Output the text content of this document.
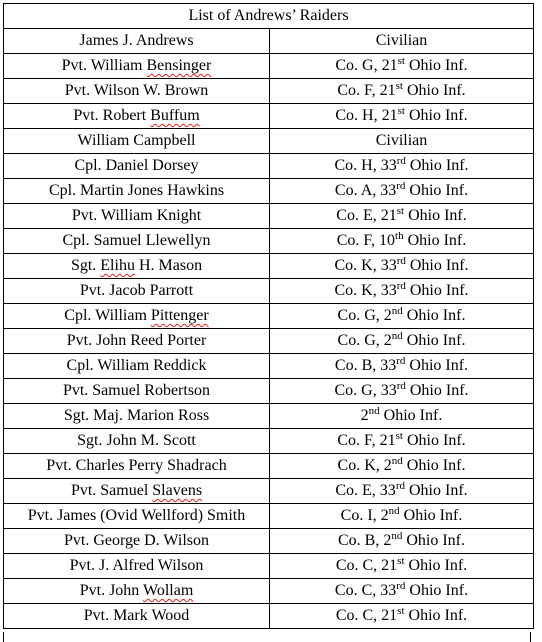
List of Andrews’ Raiders	
James J. Andrews	Civilian
Pvt. William Bensinger	Co. G, 21st Ohio Inf.
Pvt. Wilson W. Brown	Co. F, 21st Ohio Inf.
Pvt. Robert Buffum	Co. H, 21st Ohio Inf.
William Campbell	Civilian
Cpl. Daniel Dorsey	Co. H, 33rd Ohio Inf.
Cpl. Martin Jones Hawkins	Co. A, 33rd Ohio Inf.
Pvt. William Knight	Co. E, 21st Ohio Inf.
Cpl. Samuel Llewellyn	Co. F, 10th Ohio Inf.
Sgt. Elihu H. Mason	Co. K, 33rd Ohio Inf.
Pvt. Jacob Parrott	Co. K, 33rd Ohio Inf.
Cpl. William Pittenger	Co. G, 2nd Ohio Inf.
Pvt. John Reed Porter	Co. G, 2nd Ohio Inf.
Cpl. William Reddick	Co. B, 33rd Ohio Inf.
Pvt. Samuel Robertson	Co. G, 33rd Ohio Inf.
Sgt. Maj. Marion Ross	2nd Ohio Inf.
Sgt. John M. Scott	Co. F, 21st Ohio Inf.
Pvt. Charles Perry Shadrach	Co. K, 2nd Ohio Inf.
Pvt. Samuel Slavens	Co. E, 33rd Ohio Inf.
Pvt. James (Ovid Wellford) Smith	Co. I, 2nd Ohio Inf.
Pvt. George D. Wilson	Co. B, 2nd Ohio Inf.
Pvt. J. Alfred Wilson	Co. C, 21st Ohio Inf.
Pvt. John Wollam	Co. C, 33rd Ohio Inf.
Pvt. Mark Wood	Co. C, 21st Ohio Inf.
